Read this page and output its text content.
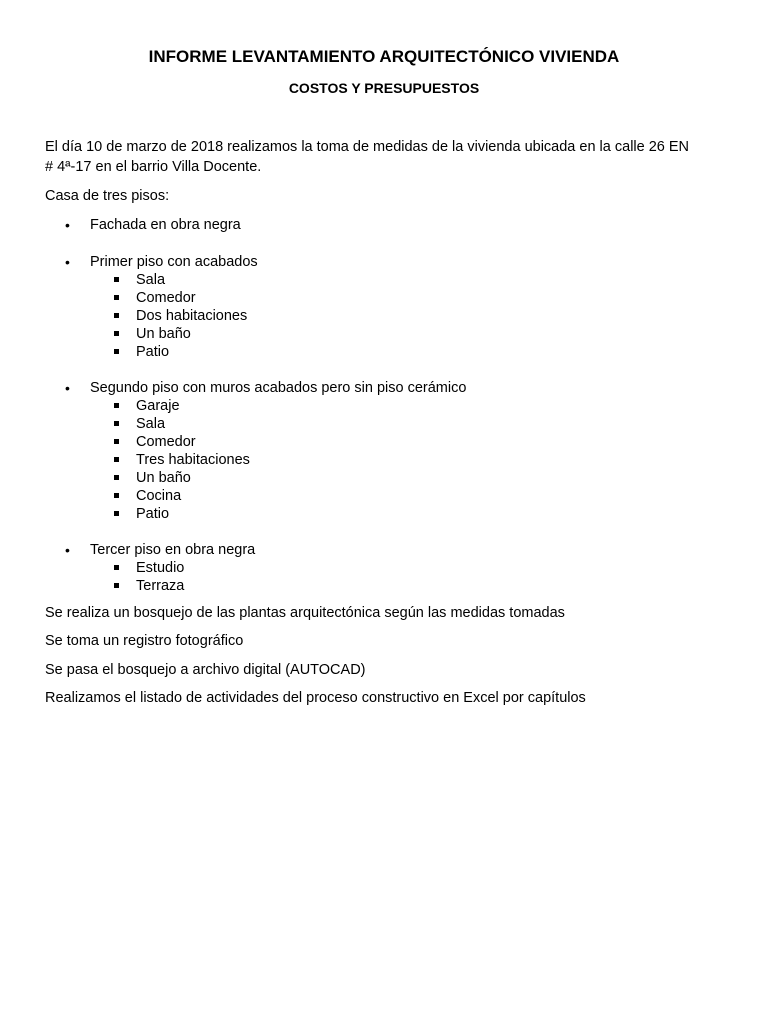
INFORME LEVANTAMIENTO ARQUITECTÓNICO VIVIENDA
COSTOS Y PRESUPUESTOS
El día 10 de marzo de 2018 realizamos la toma de medidas de la vivienda ubicada en la calle 26 EN
# 4ª-17 en el barrio Villa Docente.
Casa de tres pisos:
• Fachada en obra negra
• Primer piso con acabados
Sala
Comedor
Dos habitaciones
Un baño
Patio
• Segundo piso con muros acabados pero sin piso cerámico
Garaje
Sala
Comedor
Tres habitaciones
Un baño
Cocina
Patio
• Tercer piso en obra negra
Estudio
Terraza
Se realiza un bosquejo de las plantas arquitectónica según las medidas tomadas
Se toma un registro fotográfico
Se pasa el bosquejo a archivo digital (AUTOCAD)
Realizamos el listado de actividades del proceso constructivo en Excel por capítulos
